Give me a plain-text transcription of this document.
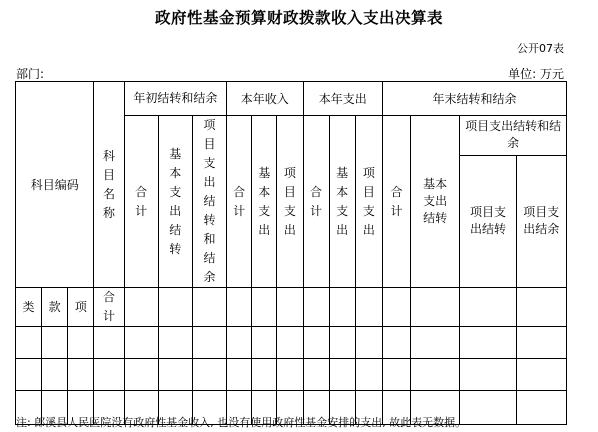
政府性基金预算财政拨款收入支出决算表
公开07表
部门:	单位: 万元
科目编码			科目名称	年初结转和结余			本年收入			本年支出			年末结转和结余			

				合计	基本支出结转	项目支出结转和结余	合计	基本支出	项目支出	合计	基本支出	项目支出	合计	基本支出结转	项目支出结转和结余	

															项目支出结转	项目支出结余

类	款	项	合计													

注: 郎溪县人民医院没有政府性基金收入, 也没有使用政府性基金安排的支出, 故此表无数据。
